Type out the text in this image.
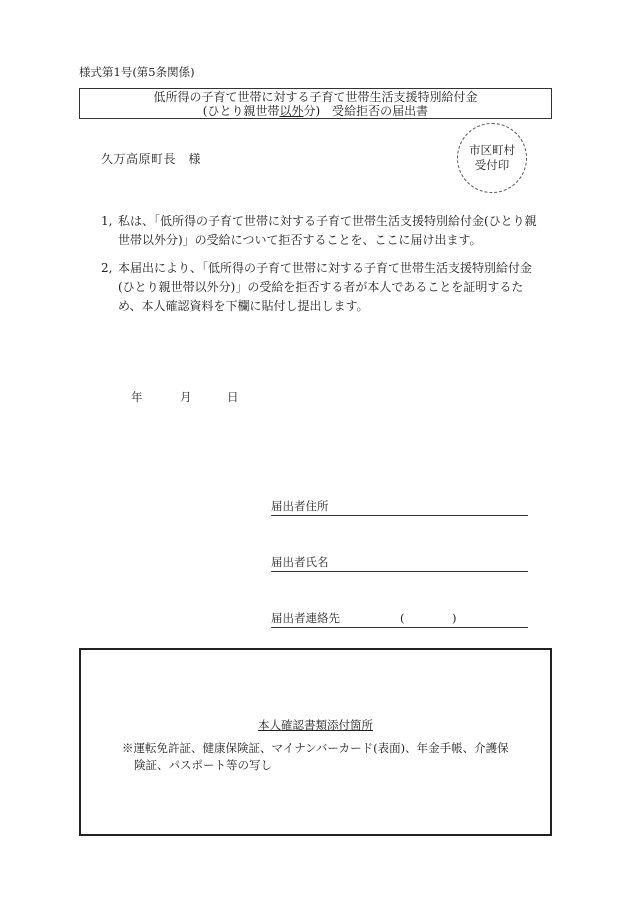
様式第1号(第5条関係)
低所得の子育て世帯に対する子育て世帯生活支援特別給付金
(ひとり親世帯以外分)　受給拒否の届出書
久万高原町長　様
市区町村
受付印
1, 私は、「低所得の子育て世帯に対する子育て世帯生活支援特別給付金(ひとり親世帯以外分)」の受給について拒否することを、ここに届け出ます。
2, 本届出により、「低所得の子育て世帯に対する子育て世帯生活支援特別給付金(ひとり親世帯以外分)」の受給を拒否する者が本人であることを証明するため、本人確認資料を下欄に貼付し提出します。
年	月	日
届出者住所
届出者氏名
届出者連絡先	(	)
本人確認書類添付箇所
※運転免許証、健康保険証、マイナンバーカード(表面)、年金手帳、介護保
険証、パスポート等の写し
